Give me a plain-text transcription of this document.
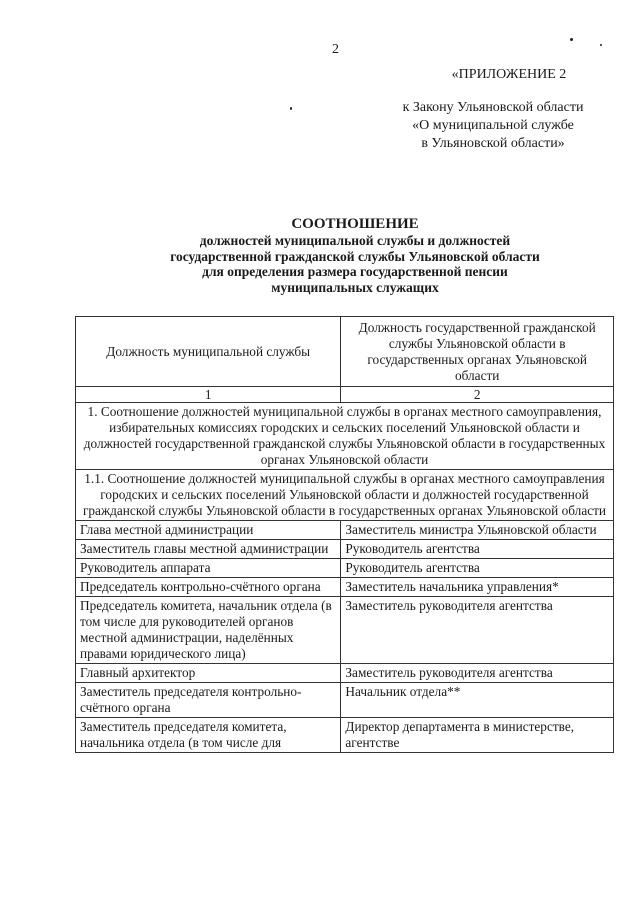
2
«ПРИЛОЖЕНИЕ 2
к Закону Ульяновской области
«О муниципальной службе
в Ульяновской области»
СООТНОШЕНИЕ
должностей муниципальной службы и должностей
государственной гражданской службы Ульяновской области
для определения размера государственной пенсии
муниципальных служащих
Должность муниципальной службы	Должность государственной гражданской службы Ульяновской области в государственных органах Ульяновской области
1	2
1. Соотношение должностей муниципальной службы в органах местного самоуправления, избирательных комиссиях городских и сельских поселений Ульяновской области и должностей государственной гражданской службы Ульяновской области в государственных органах Ульяновской области	
1.1. Соотношение должностей муниципальной службы в органах местного самоуправления городских и сельских поселений Ульяновской области и должностей государственной гражданской службы Ульяновской области в государственных органах Ульяновской области	
Глава местной администрации	Заместитель министра Ульяновской области
Заместитель главы местной администрации	Руководитель агентства
Руководитель аппарата	Руководитель агентства
Председатель контрольно-счётного органа	Заместитель начальника управления*
Председатель комитета, начальник отдела (в том числе для руководителей органов местной администрации, наделённых правами юридического лица)	Заместитель руководителя агентства
Главный архитектор	Заместитель руководителя агентства
Заместитель председателя контрольно-счётного органа	Начальник отдела**
Заместитель председателя комитета, начальника отдела (в том числе для	Директор департамента в министерстве, агентстве
